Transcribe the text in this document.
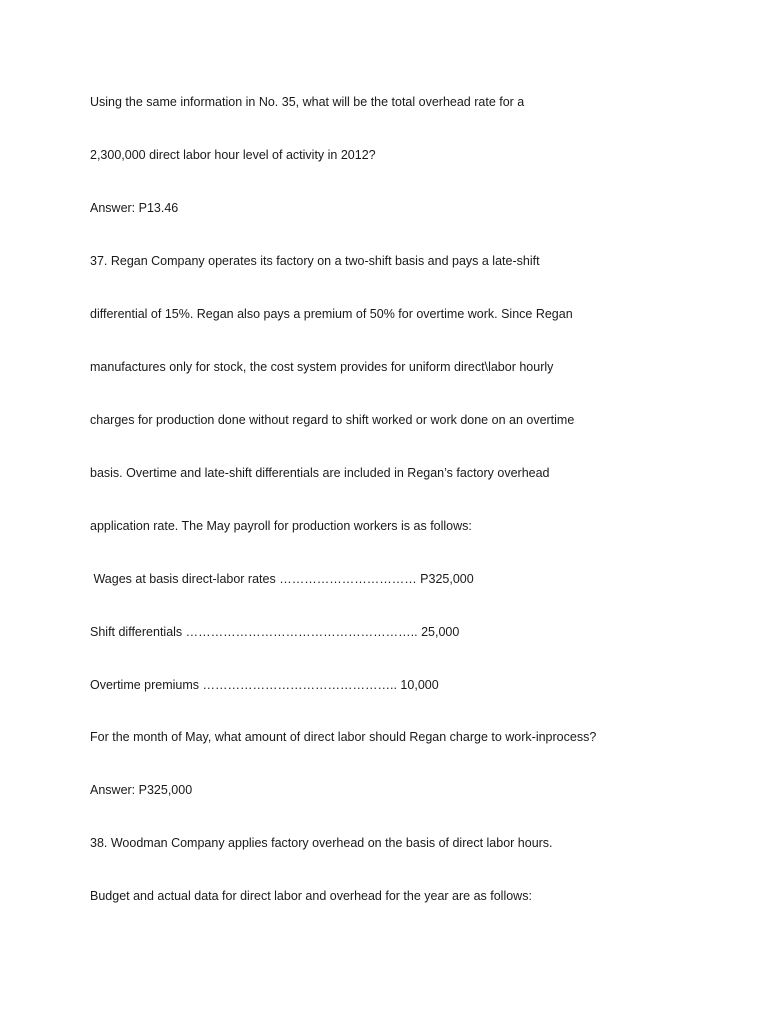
Using the same information in No. 35, what will be the total overhead rate for a
2,300,000 direct labor hour level of activity in 2012?
Answer: P13.46
37. Regan Company operates its factory on a two-shift basis and pays a late-shift
differential of 15%. Regan also pays a premium of 50% for overtime work. Since Regan
manufactures only for stock, the cost system provides for uniform direct\labor hourly
charges for production done without regard to shift worked or work done on an overtime
basis. Overtime and late-shift differentials are included in Regan’s factory overhead
application rate. The May payroll for production workers is as follows:
Wages at basis direct-labor rates …………………………… P325,000
Shift differentials ……………………………………………….. 25,000
Overtime premiums ……………………………………….. 10,000
For the month of May, what amount of direct labor should Regan charge to work-inprocess?
Answer: P325,000
38. Woodman Company applies factory overhead on the basis of direct labor hours.
Budget and actual data for direct labor and overhead for the year are as follows:
